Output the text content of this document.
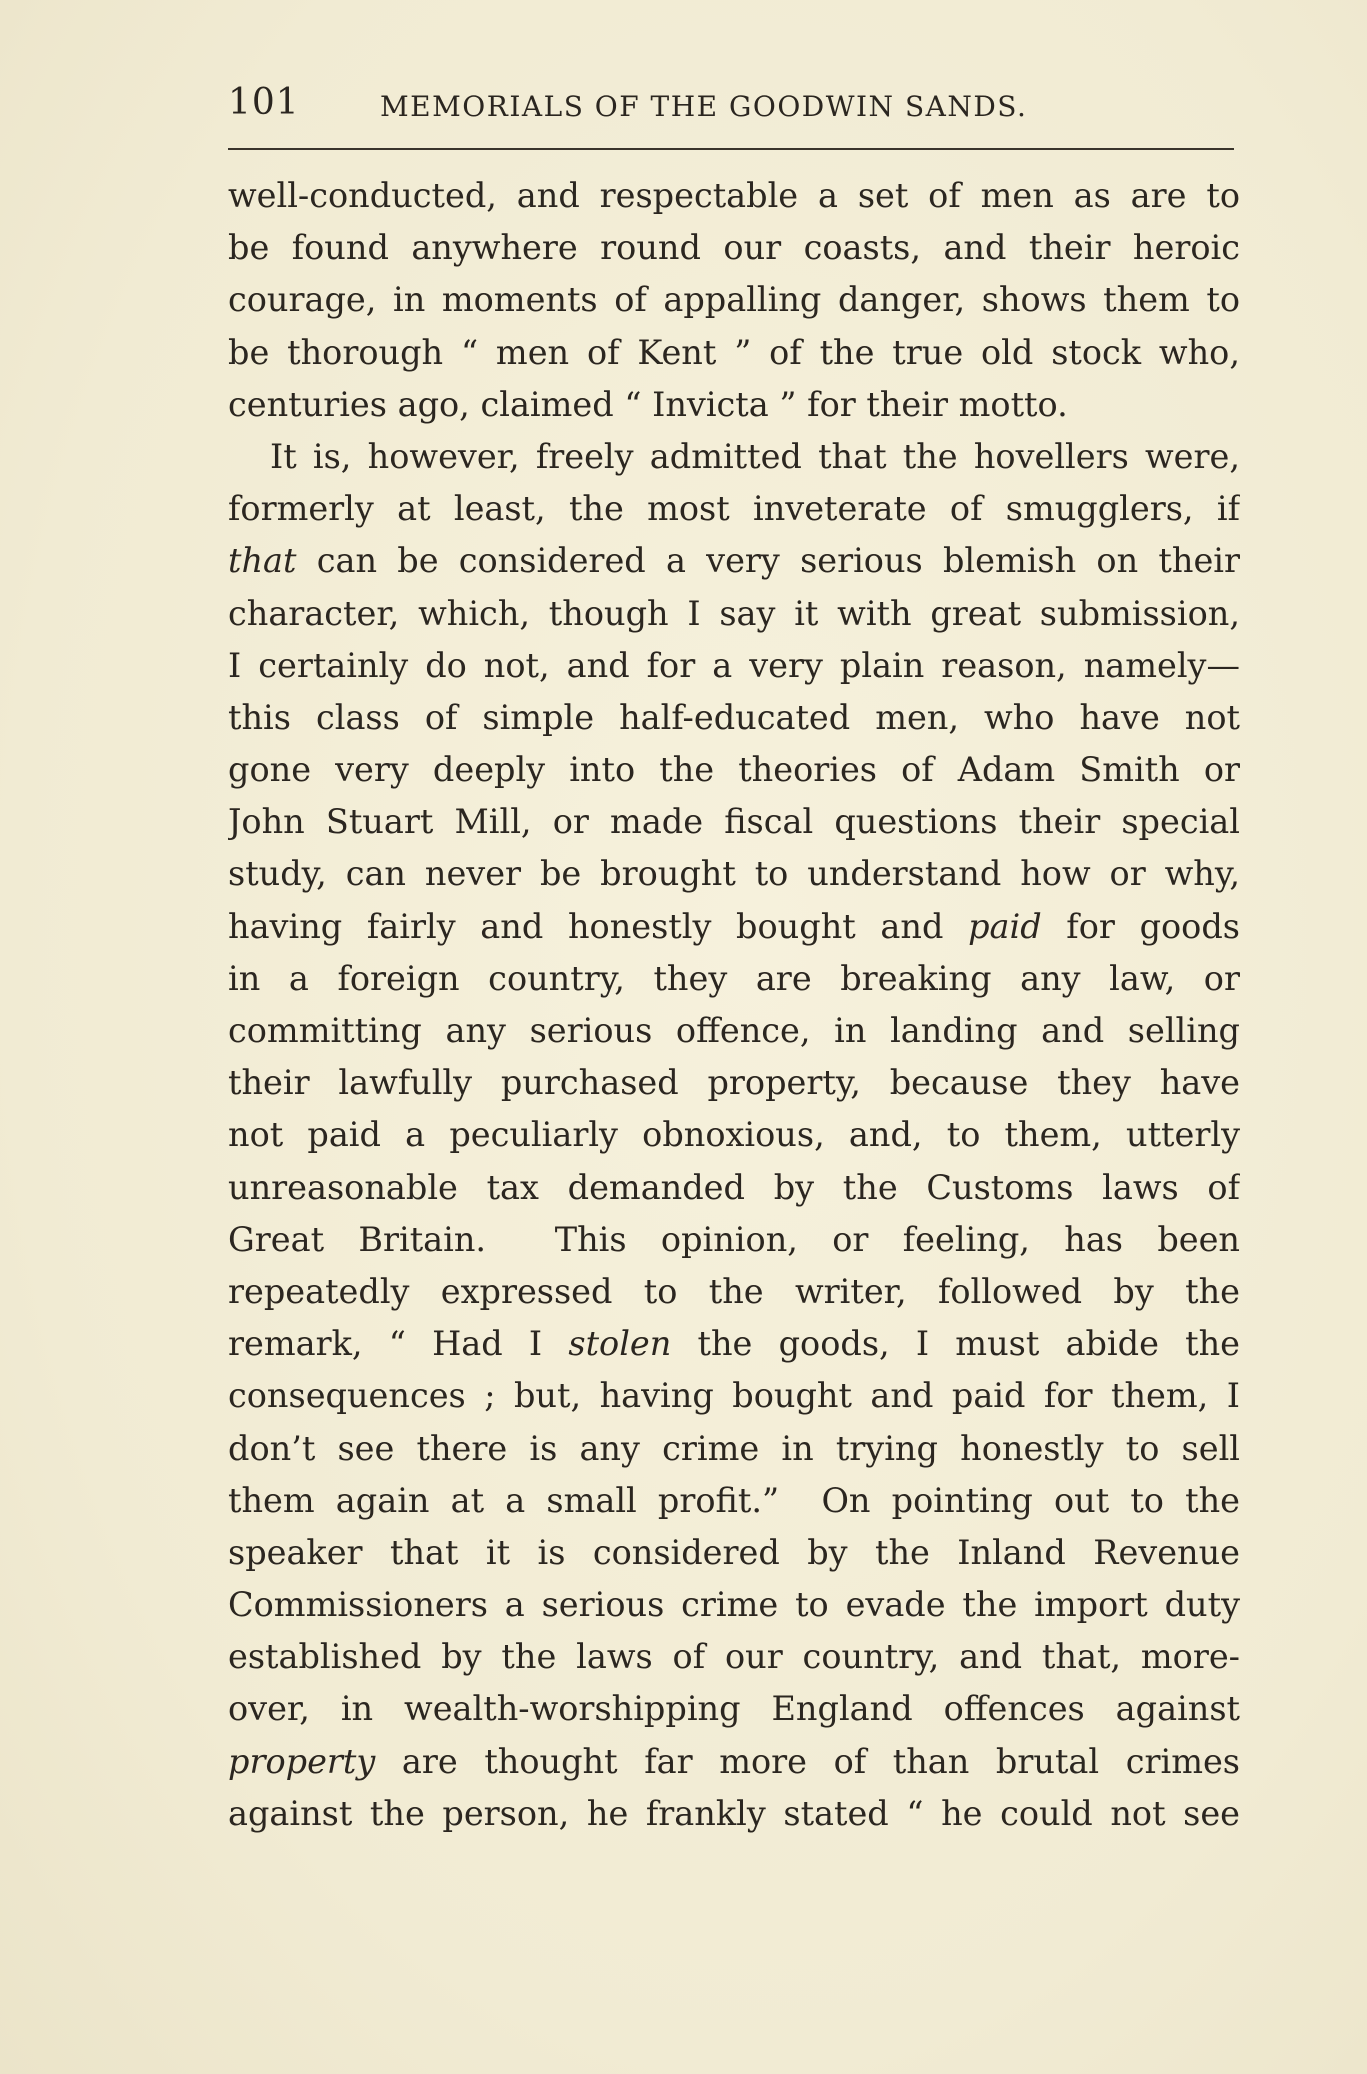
101	MEMORIALS OF THE GOODWIN SANDS.
well-conducted, and respectable a set of men as are to
be found anywhere round our coasts, and their heroic
courage, in moments of appalling danger, shows them to
be thorough “ men of Kent ” of the true old stock who,
centuries ago, claimed “ Invicta ” for their motto.
It is, however, freely admitted that the hovellers were,
formerly at least, the most inveterate of smugglers, if
that can be considered a very serious blemish on their
character, which, though I say it with great submission,
I certainly do not, and for a very plain reason, namely—
this class of simple half-educated men, who have not
gone very deeply into the theories of Adam Smith or
John Stuart Mill, or made fiscal questions their special
study, can never be brought to understand how or why,
having fairly and honestly bought and paid for goods
in a foreign country, they are breaking any law, or
committing any serious offence, in landing and selling
their lawfully purchased property, because they have
not paid a peculiarly obnoxious, and, to them, utterly
unreasonable tax demanded by the Customs laws of
Great Britain.  This opinion, or feeling, has been
repeatedly expressed to the writer, followed by the
remark, “ Had I stolen the goods, I must abide the
consequences ; but, having bought and paid for them, I
don’t see there is any crime in trying honestly to sell
them again at a small profit.”  On pointing out to the
speaker that it is considered by the Inland Revenue
Commissioners a serious crime to evade the import duty
established by the laws of our country, and that, more-
over, in wealth-worshipping England offences against
property are thought far more of than brutal crimes
against the person, he frankly stated “ he could not see
